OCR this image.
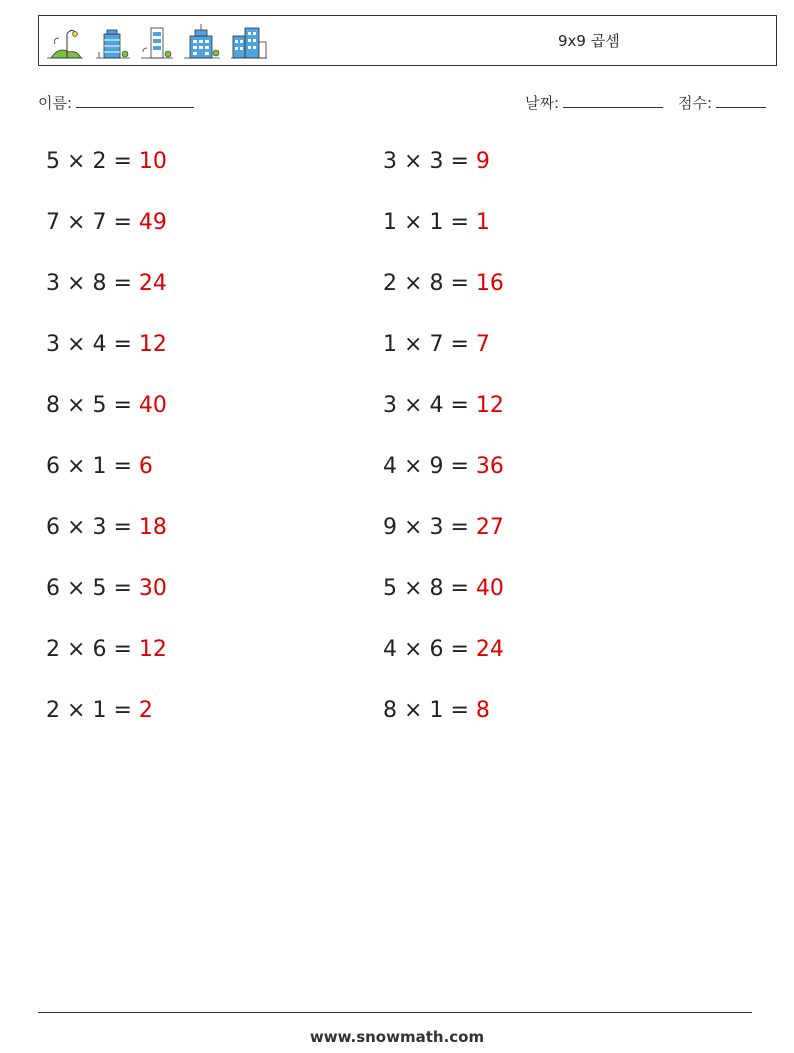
9x9 곱셈
이름:	날짜:	점수:
5 × 2 = 10	3 × 3 = 9
7 × 7 = 49	1 × 1 = 1
3 × 8 = 24	2 × 8 = 16
3 × 4 = 12	1 × 7 = 7
8 × 5 = 40	3 × 4 = 12
6 × 1 = 6	4 × 9 = 36
6 × 3 = 18	9 × 3 = 27
6 × 5 = 30	5 × 8 = 40
2 × 6 = 12	4 × 6 = 24
2 × 1 = 2	8 × 1 = 8
www.snowmath.com
